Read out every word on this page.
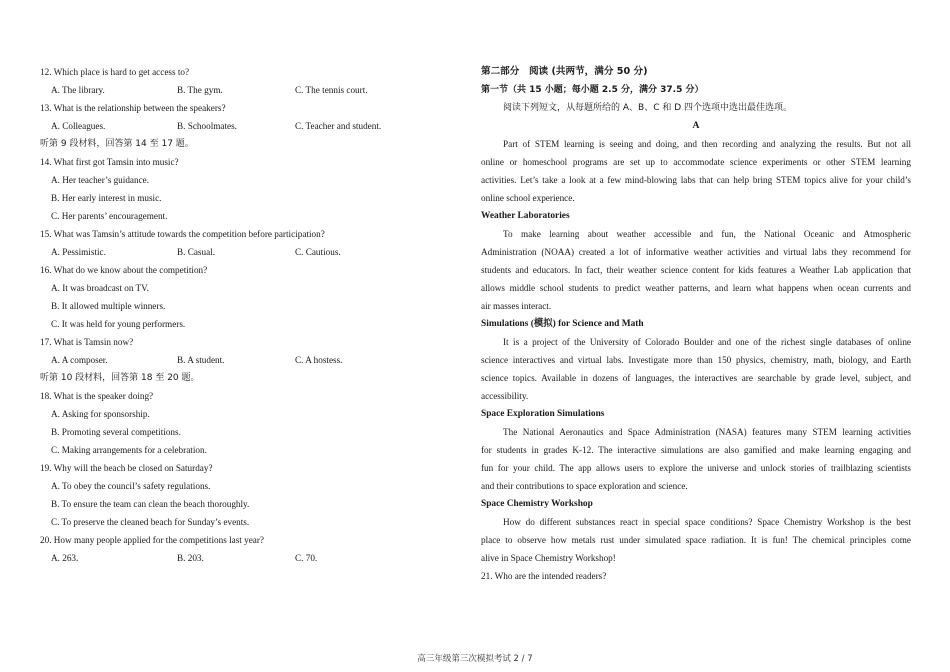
12. Which place is hard to get access to?
A. The library.	B. The gym.	C. The tennis court.
13. What is the relationship between the speakers?
A. Colleagues.	B. Schoolmates.	C. Teacher and student.
听第 9 段材料，回答第 14 至 17 题。
14. What first got Tamsin into music?
A. Her teacher’s guidance.
B. Her early interest in music.
C. Her parents’ encouragement.
15. What was Tamsin’s attitude towards the competition before participation?
A. Pessimistic.	B. Casual.	C. Cautious.
16. What do we know about the competition?
A. It was broadcast on TV.
B. It allowed multiple winners.
C. It was held for young performers.
17. What is Tamsin now?
A. A composer.	B. A student.	C. A hostess.
听第 10 段材料，回答第 18 至 20 题。
18. What is the speaker doing?
A. Asking for sponsorship.
B. Promoting several competitions.
C. Making arrangements for a celebration.
19. Why will the beach be closed on Saturday?
A. To obey the council’s safety regulations.
B. To ensure the team can clean the beach thoroughly.
C. To preserve the cleaned beach for Sunday’s events.
20. How many people applied for the competitions last year?
A. 263.	B. 203.	C. 70.
第二部分　阅读 (共两节，满分 50 分)
第一节（共 15 小题；每小题 2.5 分，满分 37.5 分）
阅读下列短文，从每题所给的 A、B、C 和 D 四个选项中选出最佳选项。
A
Part of STEM learning is seeing and doing, and then recording and analyzing the results. But not all
online or homeschool programs are set up to accommodate science experiments or other STEM learning
activities. Let’s take a look at a few mind-blowing labs that can help bring STEM topics alive for your child’s
online school experience.
Weather Laboratories
To make learning about weather accessible and fun, the National Oceanic and Atmospheric
Administration (NOAA) created a lot of informative weather activities and virtual labs they recommend for
students and educators. In fact, their weather science content for kids features a Weather Lab application that
allows middle school students to predict weather patterns, and learn what happens when ocean currents and
air masses interact.
Simulations (模拟) for Science and Math
It is a project of the University of Colorado Boulder and one of the richest single databases of online
science interactives and virtual labs. Investigate more than 150 physics, chemistry, math, biology, and Earth
science topics. Available in dozens of languages, the interactives are searchable by grade level, subject, and
accessibility.
Space Exploration Simulations
The National Aeronautics and Space Administration (NASA) features many STEM learning activities
for students in grades K-12. The interactive simulations are also gamified and make learning engaging and
fun for your child. The app allows users to explore the universe and unlock stories of trailblazing scientists
and their contributions to space exploration and science.
Space Chemistry Workshop
How do different substances react in special space conditions? Space Chemistry Workshop is the best
place to observe how metals rust under simulated space radiation. It is fun! The chemical principles come
alive in Space Chemistry Workshop!
21. Who are the intended readers?
高三年级第三次模拟考试 2 / 7
